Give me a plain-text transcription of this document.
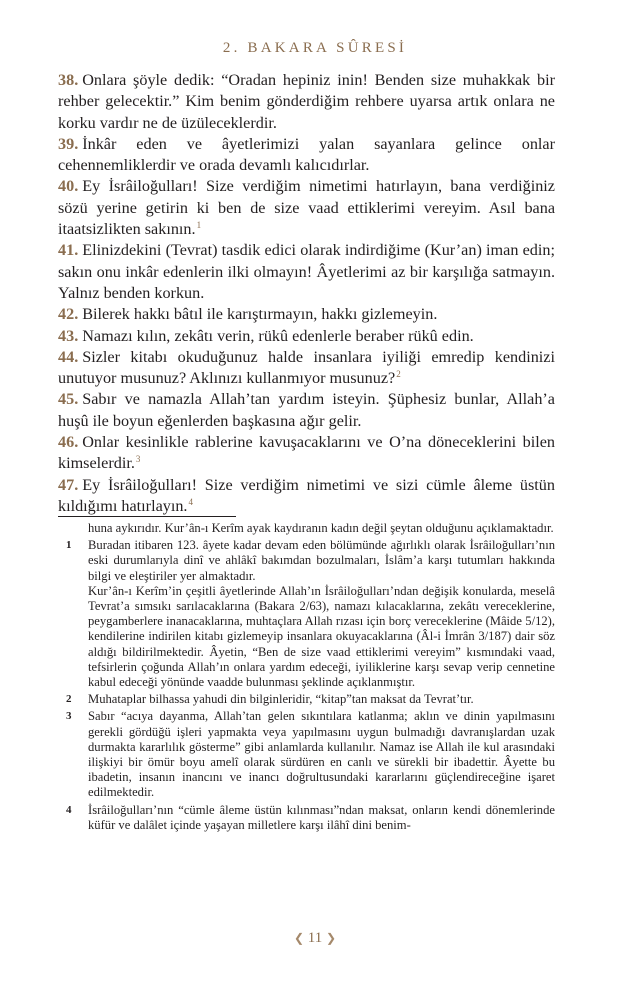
2. BAKARA SÛRESİ

38. Onlara şöyle dedik: “Oradan hepiniz inin! Benden size muhakkak bir rehber gelecektir.” Kim benim gönderdiğim rehbere uyarsa artık onlara ne korku vardır ne de üzüleceklerdir.

39. İnkâr eden ve âyetlerimizi yalan sayanlara gelince onlar cehennemliklerdir ve orada devamlı kalıcıdırlar.

40. Ey İsrâiloğulları! Size verdiğim nimetimi hatırlayın, bana verdiğiniz sözü yerine getirin ki ben de size vaad ettiklerimi vereyim. Asıl bana itaatsizlikten sakının.$^1$

41. Elinizdekini (Tevrat) tasdik edici olarak indirdiğime (Kur’an) iman edin; sakın onu inkâr edenlerin ilki olmayın! Âyetlerimi az bir karşılığa satmayın. Yalnız benden korkun.

42. Bilerek hakkı bâtıl ile karıştırmayın, hakkı gizlemeyin.

43. Namazı kılın, zekâtı verin, rükû edenlerle beraber rükû edin.

44. Sizler kitabı okuduğunuz halde insanlara iyiliği emredip kendinizi unutuyor musunuz? Aklınızı kullanmıyor musunuz?$^2$

45. Sabır ve namazla Allah’tan yardım isteyin. Şüphesiz bunlar, Allah’a huşû ile boyun eğenlerden başkasına ağır gelir.

46. Onlar kesinlikle rablerine kavuşacaklarını ve O’na döneceklerini bilen kimselerdir.$^3$

47. Ey İsrâiloğulları! Size verdiğim nimetimi ve sizi cümle âleme üstün kıldığımı hatırlayın.$^4$

huna aykırıdır. Kur’ân-ı Kerîm ayak kaydıranın kadın değil şeytan olduğunu açıklamaktadır.

1 Buradan itibaren 123. âyete kadar devam eden bölümünde ağırlıklı olarak İsrâiloğulları’nın eski durumlarıyla dinî ve ahlâkî bakımdan bozulmaları, İslâm’a karşı tutumları hakkında bilgi ve eleştiriler yer almaktadır.

Kur’ân-ı Kerîm’in çeşitli âyetlerinde Allah’ın İsrâiloğulları’ndan değişik konularda, meselâ Tevrat’a sımsıkı sarılacaklarına (Bakara 2/63), namazı kılacaklarına, zekâtı vereceklerine, peygamberlere inanacaklarına, muhtaçlara Allah rızası için borç vereceklerine (Mâide 5/12), kendilerine indirilen kitabı gizlemeyip insanlara okuyacaklarına (Âl-i İmrân 3/187) dair söz aldığı bildirilmektedir. Âyetin, “Ben de size vaad ettiklerimi vereyim” kısmındaki vaad, tefsirlerin çoğunda Allah’ın onlara yardım edeceği, iyiliklerine karşı sevap verip cennetine kabul edeceği yönünde vaadde bulunması şeklinde açıklanmıştır.

2 Muhataplar bilhassa yahudi din bilginleridir, “kitap”tan maksat da Tevrat’tır.

3 Sabır “acıya dayanma, Allah’tan gelen sıkıntılara katlanma; aklın ve dinin yapılmasını gerekli gördüğü işleri yapmakta veya yapılmasını uygun bulmadığı davranışlardan uzak durmakta kararlılık gösterme” gibi anlamlarda kullanılır. Namaz ise Allah ile kul arasındaki ilişkiyi bir ömür boyu amelî olarak sürdüren en canlı ve sürekli bir ibadettir. Âyette bu ibadetin, insanın inancını ve inancı doğrultusundaki kararlarını güçlendireceğine işaret edilmektedir.

4 İsrâiloğulları’nın “cümle âleme üstün kılınması”ndan maksat, onların kendi dönemlerinde küfür ve dalâlet içinde yaşayan milletlere karşı ilâhî dini benim-

❮ 11 ❯
